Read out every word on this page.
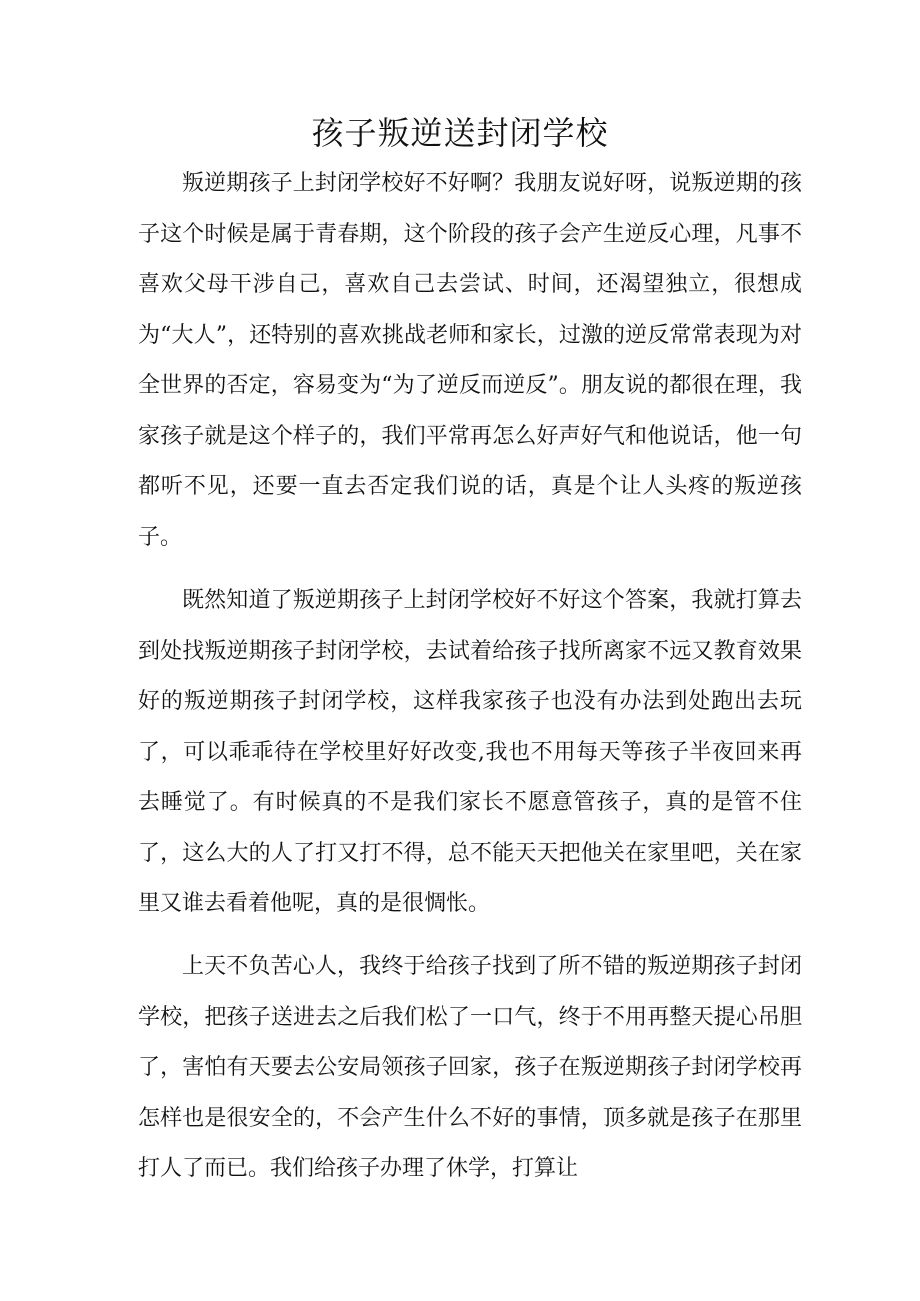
孩子叛逆送封闭学校

叛逆期孩子上封闭学校好不好啊？我朋友说好呀，说叛逆期的孩子这个时候是属于青春期，这个阶段的孩子会产生逆反心理，凡事不喜欢父母干涉自己，喜欢自己去尝试、时间，还渴望独立，很想成为“大人”，还特别的喜欢挑战老师和家长，过激的逆反常常表现为对全世界的否定，容易变为“为了逆反而逆反”。朋友说的都很在理，我家孩子就是这个样子的，我们平常再怎么好声好气和他说话，他一句都听不见，还要一直去否定我们说的话，真是个让人头疼的叛逆孩子。

既然知道了叛逆期孩子上封闭学校好不好这个答案，我就打算去到处找叛逆期孩子封闭学校，去试着给孩子找所离家不远又教育效果好的叛逆期孩子封闭学校，这样我家孩子也没有办法到处跑出去玩了，可以乖乖待在学校里好好改变,我也不用每天等孩子半夜回来再去睡觉了。有时候真的不是我们家长不愿意管孩子，真的是管不住了，这么大的人了打又打不得，总不能天天把他关在家里吧，关在家里又谁去看着他呢，真的是很惆怅。

上天不负苦心人，我终于给孩子找到了所不错的叛逆期孩子封闭学校，把孩子送进去之后我们松了一口气，终于不用再整天提心吊胆了，害怕有天要去公安局领孩子回家，孩子在叛逆期孩子封闭学校再怎样也是很安全的，不会产生什么不好的事情，顶多就是孩子在那里打人了而已。我们给孩子办理了休学，打算让
